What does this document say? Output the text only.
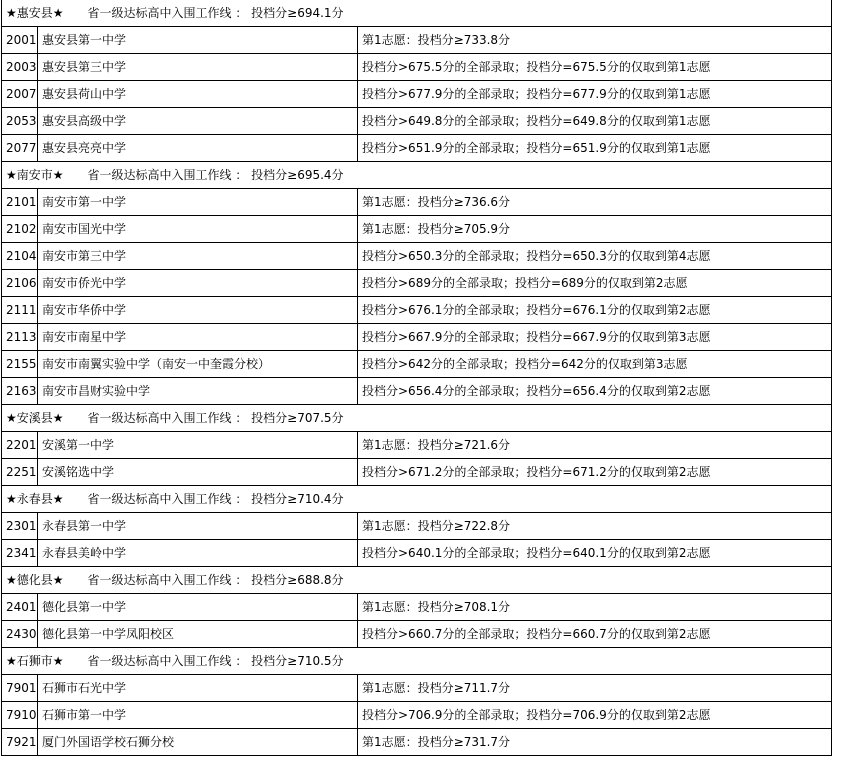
★惠安县★　　省一级达标高中入围工作线 ： 投档分≥694.1分		
2001	惠安县第一中学	第1志愿：投档分≥733.8分
2003	惠安县第三中学	投档分>675.5分的全部录取；投档分=675.5分的仅取到第1志愿
2007	惠安县荷山中学	投档分>677.9分的全部录取；投档分=677.9分的仅取到第1志愿
2053	惠安县高级中学	投档分>649.8分的全部录取；投档分=649.8分的仅取到第1志愿
2077	惠安县亮亮中学	投档分>651.9分的全部录取；投档分=651.9分的仅取到第1志愿
★南安市★　　省一级达标高中入围工作线 ： 投档分≥695.4分		
2101	南安市第一中学	第1志愿：投档分≥736.6分
2102	南安市国光中学	第1志愿：投档分≥705.9分
2104	南安市第三中学	投档分>650.3分的全部录取；投档分=650.3分的仅取到第4志愿
2106	南安市侨光中学	投档分>689分的全部录取；投档分=689分的仅取到第2志愿
2111	南安市华侨中学	投档分>676.1分的全部录取；投档分=676.1分的仅取到第2志愿
2113	南安市南星中学	投档分>667.9分的全部录取；投档分=667.9分的仅取到第3志愿
2155	南安市南翼实验中学（南安一中奎霞分校）	投档分>642分的全部录取；投档分=642分的仅取到第3志愿
2163	南安市昌财实验中学	投档分>656.4分的全部录取；投档分=656.4分的仅取到第2志愿
★安溪县★　　省一级达标高中入围工作线 ： 投档分≥707.5分		
2201	安溪第一中学	第1志愿：投档分≥721.6分
2251	安溪铭选中学	投档分>671.2分的全部录取；投档分=671.2分的仅取到第2志愿
★永春县★　　省一级达标高中入围工作线 ： 投档分≥710.4分		
2301	永春县第一中学	第1志愿：投档分≥722.8分
2341	永春县美岭中学	投档分>640.1分的全部录取；投档分=640.1分的仅取到第2志愿
★德化县★　　省一级达标高中入围工作线 ： 投档分≥688.8分		
2401	德化县第一中学	第1志愿：投档分≥708.1分
2430	德化县第一中学凤阳校区	投档分>660.7分的全部录取；投档分=660.7分的仅取到第2志愿
★石狮市★　　省一级达标高中入围工作线 ： 投档分≥710.5分		
7901	石狮市石光中学	第1志愿：投档分≥711.7分
7910	石狮市第一中学	投档分>706.9分的全部录取；投档分=706.9分的仅取到第2志愿
7921	厦门外国语学校石狮分校	第1志愿：投档分≥731.7分
